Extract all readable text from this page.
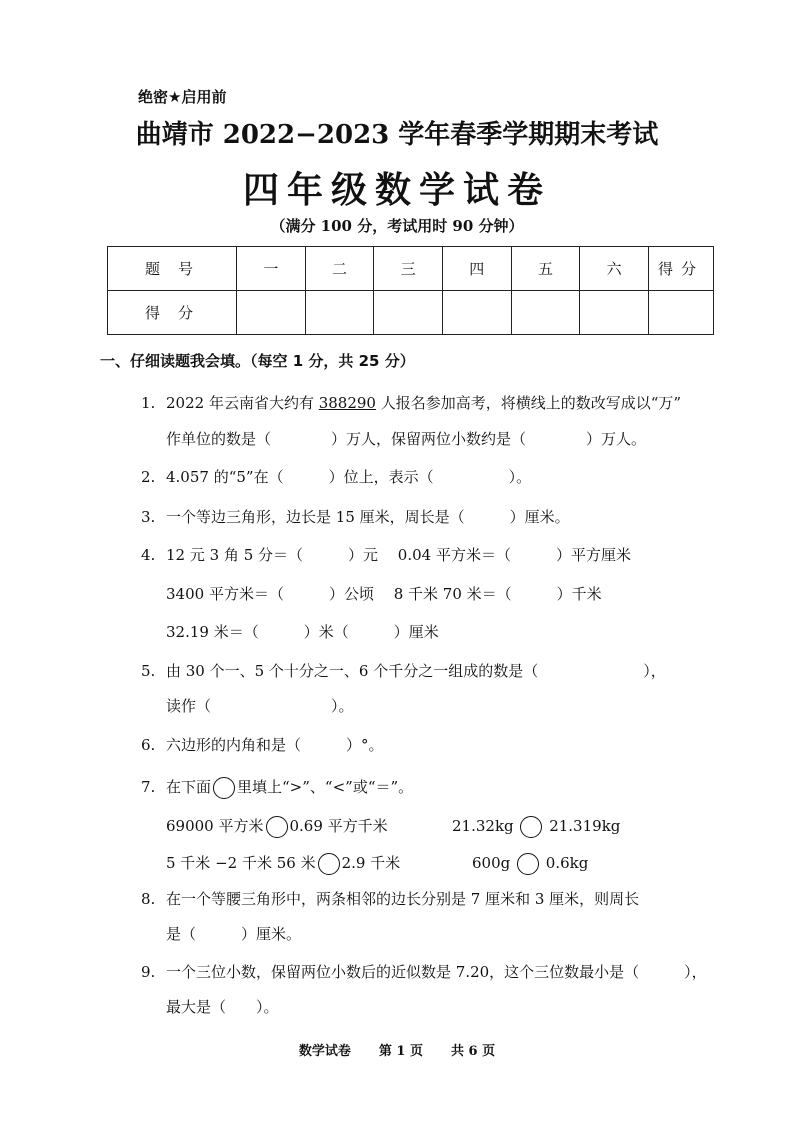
绝密★启用前
曲靖市 2022−2023 学年春季学期期末考试
四年级数学试卷
（满分 100 分，考试用时 90 分钟）
题号	一	二	三	四	五	六	得分
得分							
一、仔细读题我会填。（每空 1 分，共 25 分）
1. 2022 年云南省大约有 388290 人报名参加高考，将横线上的数改写成以“万”
作单位的数是（　　　　）万人，保留两位小数约是（　　　　）万人。
2. 4.057 的“5”在（　　　）位上，表示（　　　　　）。
3. 一个等边三角形，边长是 15 厘米，周长是（　　　）厘米。
4. 12 元 3 角 5 分＝（　　　）元　 0.04 平方米＝（　　　）平方厘米
3400 平方米＝（　　　）公顷　 8 千米 70 米＝（　　　）千米
32.19 米＝（　　　）米（　　　）厘米
5. 由 30 个一、5 个十分之一、6 个千分之一组成的数是（　　　　　　　），
读作（　　　　　　　　）。
6. 六边形的内角和是（　　　）°。
7. 在下面 里填上“>”、“<”或“＝”。
69000 平方米 0.69 平方千米	21.32kg 21.319kg
5 千米 −2 千米 56 米 2.9 千米	600g 0.6kg
8. 在一个等腰三角形中，两条相邻的边长分别是 7 厘米和 3 厘米，则周长
是（　　　）厘米。
9. 一个三位小数，保留两位小数后的近似数是 7.20，这个三位数最小是（　　　），
最大是（　　）。
数学试卷 第 1 页 共 6 页
